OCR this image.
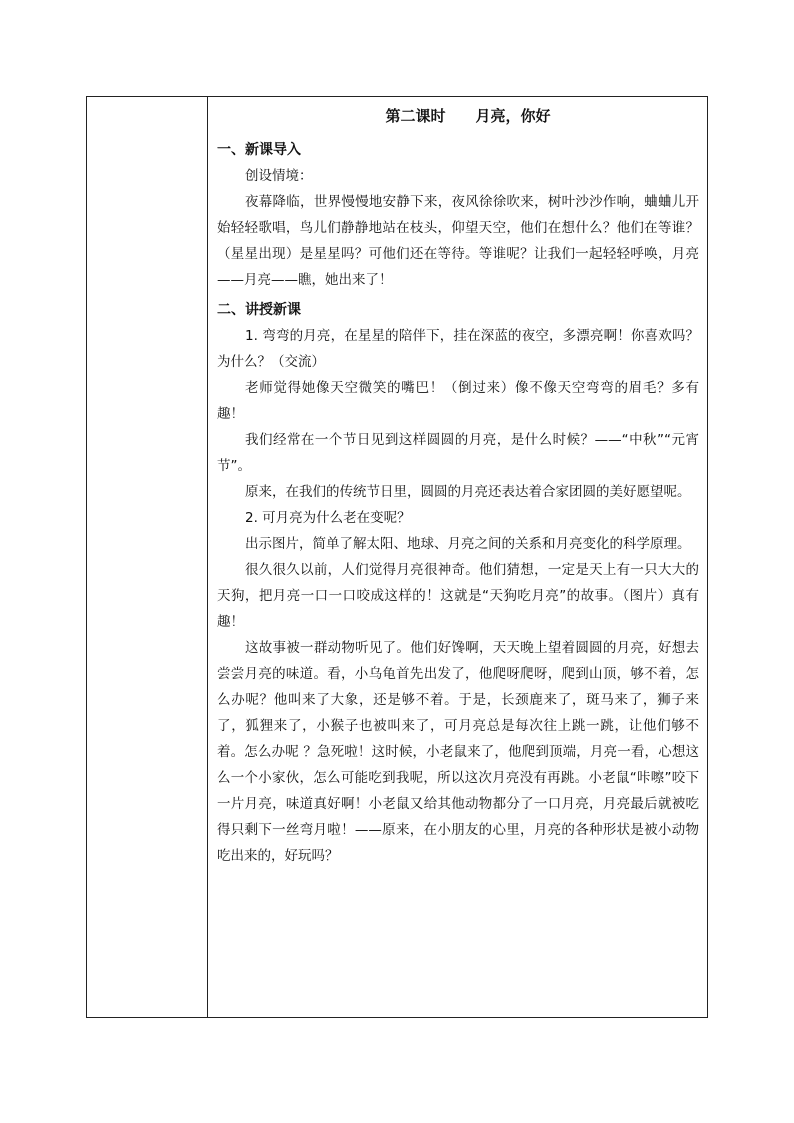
第二课时 月亮，你好
一、新课导入

创设情境：

夜幕降临，世界慢慢地安静下来，夜风徐徐吹来，树叶沙沙作响，蛐蛐儿开始轻轻歌唱，鸟儿们静静地站在枝头，仰望天空，他们在想什么？他们在等谁？（星星出现）是星星吗？可他们还在等待。等谁呢？让我们一起轻轻呼唤，月亮——月亮——瞧，她出来了！

二、讲授新课

1. 弯弯的月亮，在星星的陪伴下，挂在深蓝的夜空，多漂亮啊！你喜欢吗？为什么？（交流）

老师觉得她像天空微笑的嘴巴！（倒过来）像不像天空弯弯的眉毛？多有趣！

我们经常在一个节日见到这样圆圆的月亮，是什么时候？——“中秋”“元宵节”。

原来，在我们的传统节日里，圆圆的月亮还表达着合家团圆的美好愿望呢。

2. 可月亮为什么老在变呢？

出示图片，简单了解太阳、地球、月亮之间的关系和月亮变化的科学原理。

很久很久以前，人们觉得月亮很神奇。他们猜想，一定是天上有一只大大的天狗，把月亮一口一口咬成这样的！这就是“天狗吃月亮”的故事。（图片）真有趣！

这故事被一群动物听见了。他们好馋啊，天天晚上望着圆圆的月亮，好想去尝尝月亮的味道。看，小乌龟首先出发了，他爬呀爬呀，爬到山顶，够不着，怎么办呢？他叫来了大象，还是够不着。于是，长颈鹿来了，斑马来了，狮子来了，狐狸来了，小猴子也被叫来了，可月亮总是每次往上跳一跳，让他们够不着。怎么办呢 ？急死啦！这时候，小老鼠来了，他爬到顶端，月亮一看，心想这么一个小家伙，怎么可能吃到我呢，所以这次月亮没有再跳。小老鼠“咔嚓”咬下一片月亮，味道真好啊！小老鼠又给其他动物都分了一口月亮，月亮最后就被吃得只剩下一丝弯月啦！——原来，在小朋友的心里，月亮的各种形状是被小动物吃出来的，好玩吗？
